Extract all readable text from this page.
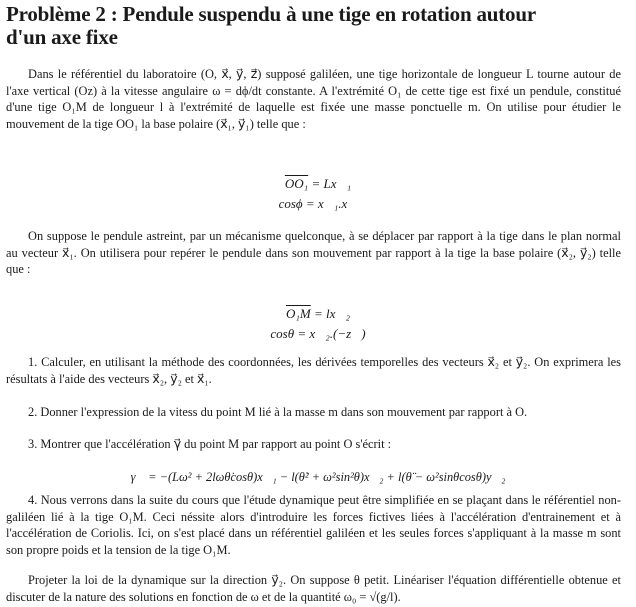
Problème 2 : Pendule suspendu à une tige en rotation autour
d'un axe fixe
Dans le référentiel du laboratoire (O, x⃗, y⃗, z⃗) supposé galiléen, une tige horizontale de longueur L tourne autour de l'axe vertical (Oz) à la vitesse angulaire ω = dϕ/dt constante. A l'extrémité O₁ de cette tige est fixé un pendule, constitué d'une tige O₁M de longueur l à l'extrémité de laquelle est fixée une masse ponctuelle m. On utilise pour étudier le mouvement de la tige OO₁ la base polaire (x⃗₁, y⃗₁) telle que :
OO₁ = Lx⃗₁
cosϕ = x⃗₁.x⃗
On suppose le pendule astreint, par un mécanisme quelconque, à se déplacer par rapport à la tige dans le plan normal au vecteur x⃗₁. On utilisera pour repérer le pendule dans son mouvement par rapport à la tige la base polaire (x⃗₂, y⃗₂) telle que :
O₁M = lx⃗₂
cosθ = x⃗₂.(−z⃗)
1. Calculer, en utilisant la méthode des coordonnées, les dérivées temporelles des vecteurs x⃗₂ et y⃗₂. On exprimera les résultats à l'aide des vecteurs x⃗₂, y⃗₂ et x⃗₁.
2. Donner l'expression de la vitess du point M lié à la masse m dans son mouvement par rapport à O.
3. Montrer que l'accélération γ⃗ du point M par rapport au point O s'écrit :
γ⃗ = −(Lω² + 2lωθ̇cosθ)x⃗₁ − l(θ̇² + ω²sin²θ)x⃗₂ + l(θ̈ − ω²sinθcosθ)y⃗₂
4. Nous verrons dans la suite du cours que l'étude dynamique peut être simplifiée en se plaçant dans le référentiel non-galiléen lié à la tige O₁M. Ceci néssite alors d'introduire les forces fictives liées à l'accélération d'entrainement et à l'accélération de Coriolis. Ici, on s'est placé dans un référentiel galiléen et les seules forces s'appliquant à la masse m sont son propre poids et la tension de la tige O₁M.
Projeter la loi de la dynamique sur la direction y⃗₂. On suppose θ petit. Linéariser l'équation différentielle obtenue et discuter de la nature des solutions en fonction de ω et de la quantité ω₀ = √(g/l).
